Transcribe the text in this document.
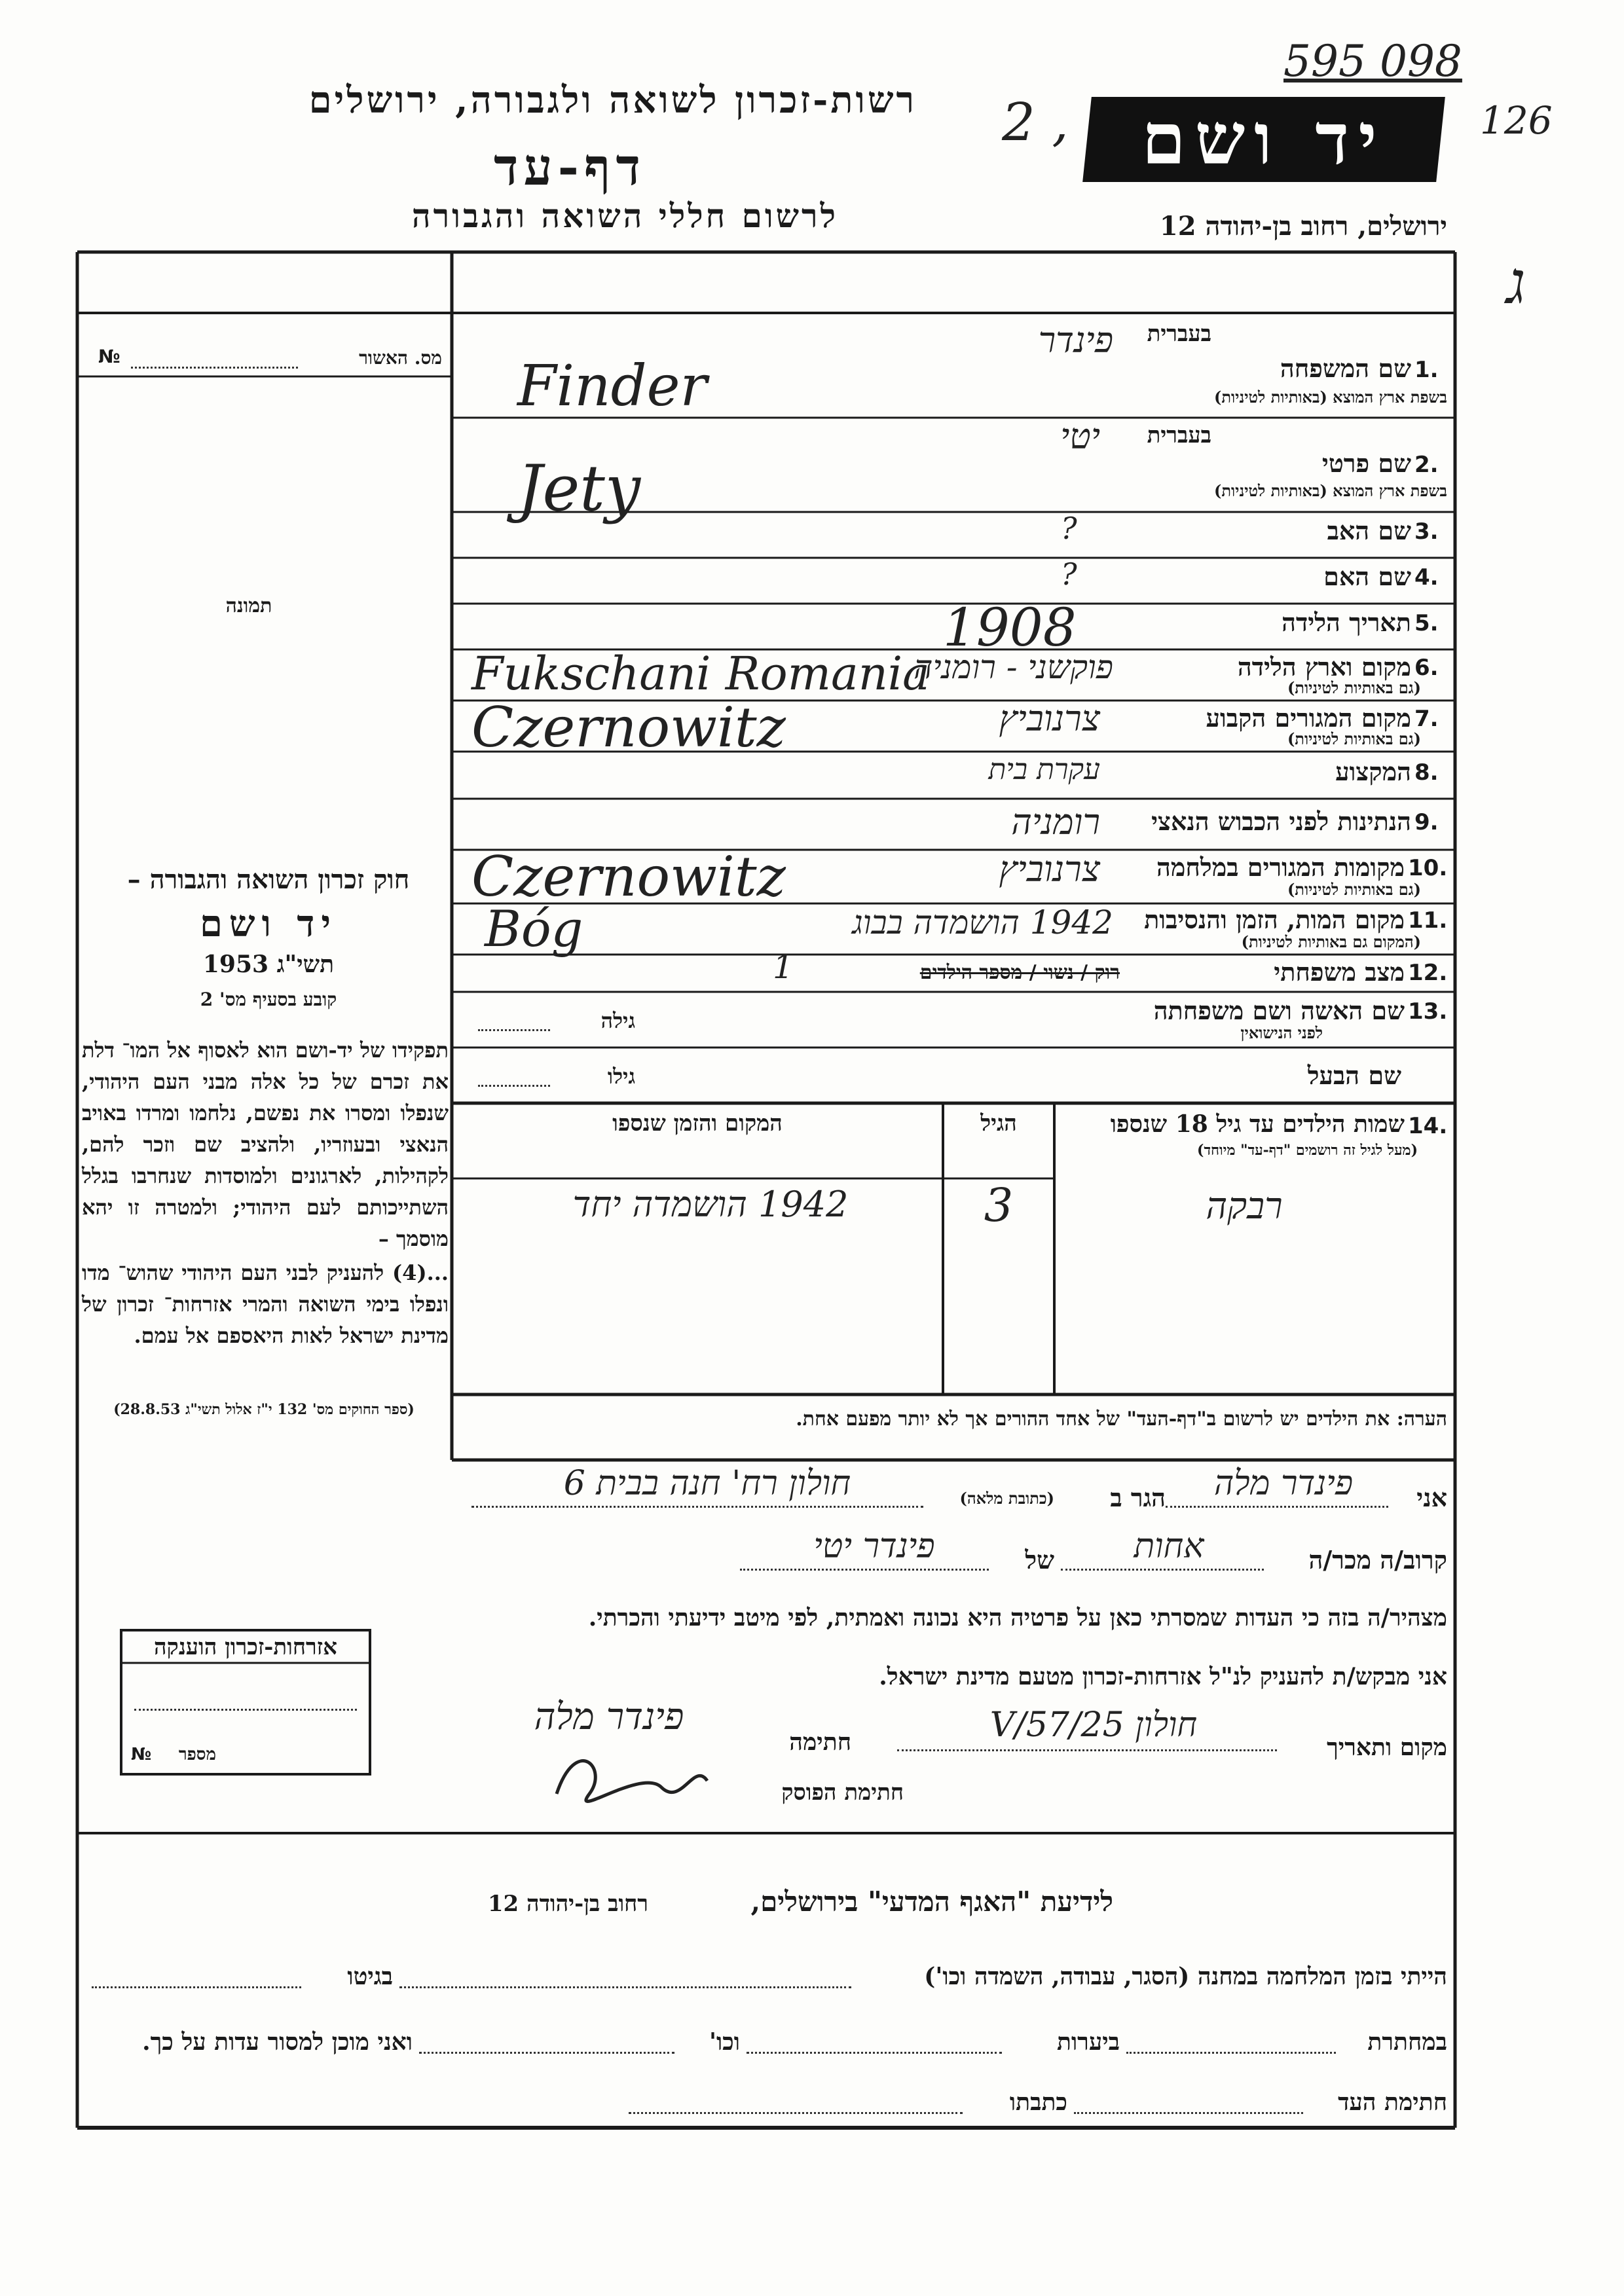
רשות-זכרון לשואה ולגבורה, ירושלים
דף-עד
לרשום חללי השואה והגבורה
2 ,	יד ושם
ירושלים, רחוב בן-יהודה 12
595 098
126
ג
מס. האשור
№
תמונה
חוק זכרון השואה והגבורה –
יד ושם
תשי"ג 1953
קובע בסעיף מס' 2
תפקידו של יד-ושם הוא לאסוף אל המו־ דלת את זכרם של כל אלה מבני העם היהודי, שנפלו ומסרו את נפשם, נלחמו ומרדו באויב הנאצי ובעוזריו, ולהציב שם וזכר להם, לקהילות, לארגונים ולמוסדות שנחרבו בגלל השתייכותם לעם היהודי; ולמטרה זו יהא מוסמך –
...(4) להעניק לבני העם היהודי שהוש־ מדו ונפלו בימי השואה והמרי אזרחות־ זכרון של מדינת ישראל לאות היאספם אל עמם.
(ספר החוקים מס' 132 י"ז אלול תשי"ג 28.8.53)
אזרחות-זכרון הוענקה
מספר
№
בעברית
1.
שם המשפחה
בשפת ארץ המוצא (באותיות לטיניות)
פינדר
Finder
בעברית
2.
שם פרטי
בשפת ארץ המוצא (באותיות לטיניות)
יטי
Jety
3.
שם האב
?
4.
שם האם
?
5.
תאריך הלידה
1908
6.
מקום וארץ הלידה
(גם באותיות לטיניות)
פוקשני - רומניה
Fukschani Romania
7.
מקום המגורים הקבוע
(גם באותיות לטיניות)
צרנוביץ
Czernowitz
8.
המקצוע
עקרת בית
9.
הנתינות לפני הכבוש הנאצי
רומניה
10.
מקומות המגורים במלחמה
(גם באותיות לטיניות)
צרנוביץ
Czernowitz
11.
מקום המות, הזמן והנסיבות
(המקום גם באותיות לטיניות)
1942 הושמדה בבוג
Bóg
12.
מצב משפחתי
רוק / נשוי / מספר הילדים
1
13.
שם האשה ושם משפחתה
לפני הנישואין
גילה
שם הבעל
גילו
14.
שמות הילדים עד גיל 18 שנספו
(מעל לגיל זה רושמים "דף-עד" מיוחד)
הגיל
המקום והזמן שנספו
רבקה
3
1942 הושמדה יחד
הערה: את הילדים יש לרשום ב"דף-העד" של אחד ההורים אך לא יותר מפעם אחת.
אני
פינדר מלה
הגר ב
(כתובת מלאה)
חולון רח' חנה בבית 6
קרוב/ה מכר/ה
אחות
של
פינדר יטי
מצהיר/ה בזה כי העדות שמסרתי כאן על פרטיה היא נכונה ואמתית, לפי מיטב ידיעתי והכרתי.
אני מבקש/ת להעניק לנ"ל אזרחות-זכרון מטעם מדינת ישראל.
מקום ותאריך
חולון 25/V/57
חתימה
פינדר מלה
חתימת הפוסק
לידיעת "האגף המדעי" בירושלים,
רחוב בן-יהודה 12
הייתי בזמן המלחמה במחנה (הסגר, עבודה, השמדה וכו')
בגיטו
במחתרת
ביערות
וכו'
ואני מוכן למסור עדות על כך.
חתימת העד
כתבתו
